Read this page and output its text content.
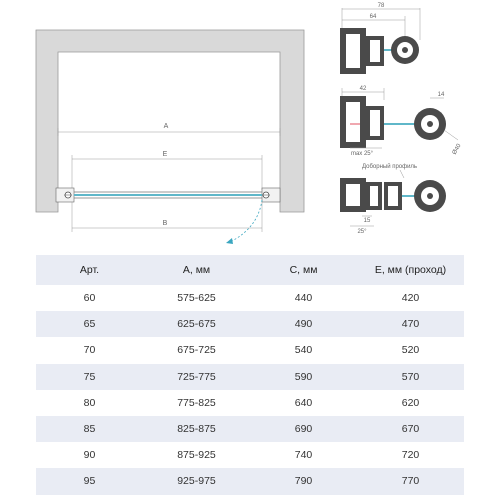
A
E
B
78
64
42
14
Ø40
max 25°
Доборный профиль
15
25°
Арт.	A, мм	C, мм	E, мм (проход)
60	575-625	440	420
65	625-675	490	470
70	675-725	540	520
75	725-775	590	570
80	775-825	640	620
85	825-875	690	670
90	875-925	740	720
95	925-975	790	770
